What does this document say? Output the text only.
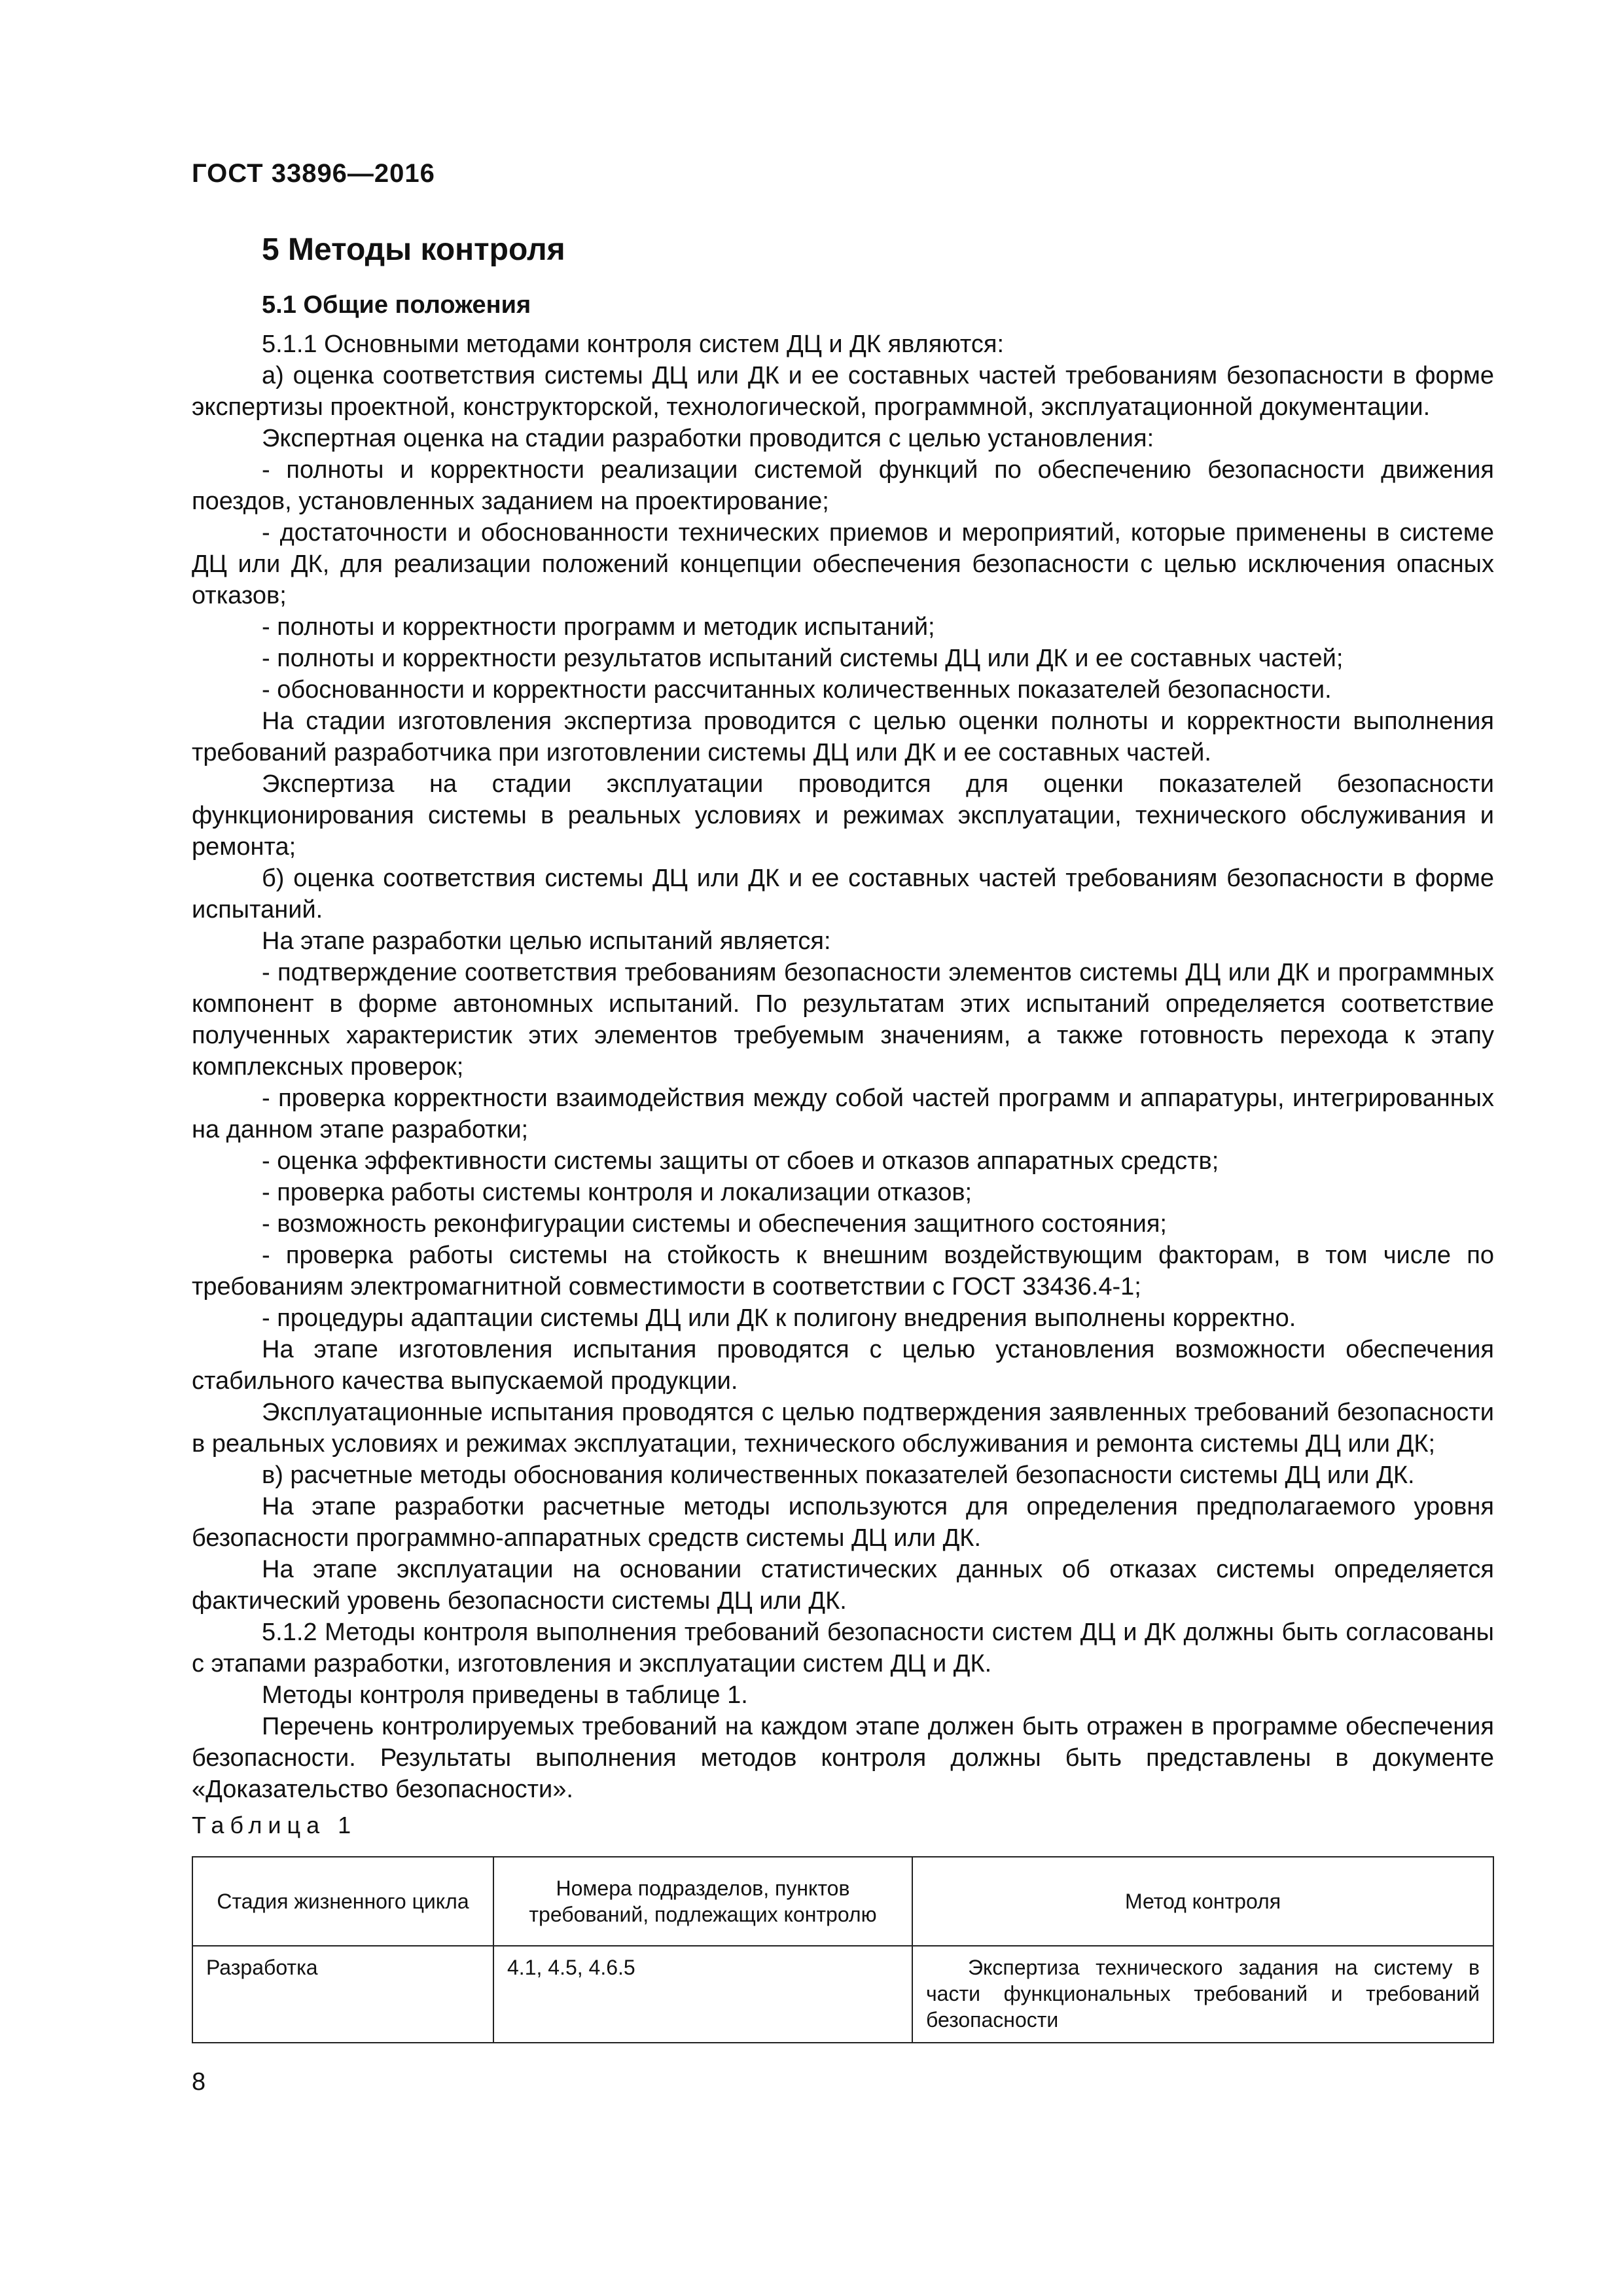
ГОСТ 33896—2016
5 Методы контроля
5.1 Общие положения

5.1.1 Основными методами контроля систем ДЦ и ДК являются:

а) оценка соответствия системы ДЦ или ДК и ее составных частей требованиям безопасности в форме экспертизы проектной, конструкторской, технологической, программной, эксплуатационной документации.

Экспертная оценка на стадии разработки проводится с целью установления:

- полноты и корректности реализации системой функций по обеспечению безопасности движения поездов, установленных заданием на проектирование;

- достаточности и обоснованности технических приемов и мероприятий, которые применены в системе ДЦ или ДК, для реализации положений концепции обеспечения безопасности с целью исключения опасных отказов;

- полноты и корректности программ и методик испытаний;

- полноты и корректности результатов испытаний системы ДЦ или ДК и ее составных частей;

- обоснованности и корректности рассчитанных количественных показателей безопасности.

На стадии изготовления экспертиза проводится с целью оценки полноты и корректности выполнения требований разработчика при изготовлении системы ДЦ или ДК и ее составных частей.

Экспертиза на стадии эксплуатации проводится для оценки показателей безопасности функционирования системы в реальных условиях и режимах эксплуатации, технического обслуживания и ремонта;

б) оценка соответствия системы ДЦ или ДК и ее составных частей требованиям безопасности в форме испытаний.

На этапе разработки целью испытаний является:

- подтверждение соответствия требованиям безопасности элементов системы ДЦ или ДК и программных компонент в форме автономных испытаний. По результатам этих испытаний определяется соответствие полученных характеристик этих элементов требуемым значениям, а также готовность перехода к этапу комплексных проверок;

- проверка корректности взаимодействия между собой частей программ и аппаратуры, интегрированных на данном этапе разработки;

- оценка эффективности системы защиты от сбоев и отказов аппаратных средств;

- проверка работы системы контроля и локализации отказов;

- возможность реконфигурации системы и обеспечения защитного состояния;

- проверка работы системы на стойкость к внешним воздействующим факторам, в том числе по требованиям электромагнитной совместимости в соответствии с ГОСТ 33436.4-1;

- процедуры адаптации системы ДЦ или ДК к полигону внедрения выполнены корректно.

На этапе изготовления испытания проводятся с целью установления возможности обеспечения стабильного качества выпускаемой продукции.

Эксплуатационные испытания проводятся с целью подтверждения заявленных требований безопасности в реальных условиях и режимах эксплуатации, технического обслуживания и ремонта системы ДЦ или ДК;

в) расчетные методы обоснования количественных показателей безопасности системы ДЦ или ДК.

На этапе разработки расчетные методы используются для определения предполагаемого уровня безопасности программно-аппаратных средств системы ДЦ или ДК.

На этапе эксплуатации на основании статистических данных об отказах системы определяется фактический уровень безопасности системы ДЦ или ДК.

5.1.2 Методы контроля выполнения требований безопасности систем ДЦ и ДК должны быть согласованы с этапами разработки, изготовления и эксплуатации систем ДЦ и ДК.

Методы контроля приведены в таблице 1.

Перечень контролируемых требований на каждом этапе должен быть отражен в программе обеспечения безопасности. Результаты выполнения методов контроля должны быть представлены в документе «Доказательство безопасности».

Таблица 1
Стадия жизненного цикла	Номера подразделов, пунктов требований, подлежащих контролю	Метод контроля
Разработка	4.1, 4.5, 4.6.5	Экспертиза технического задания на систему в части функциональных требований и требований безопасности
8
